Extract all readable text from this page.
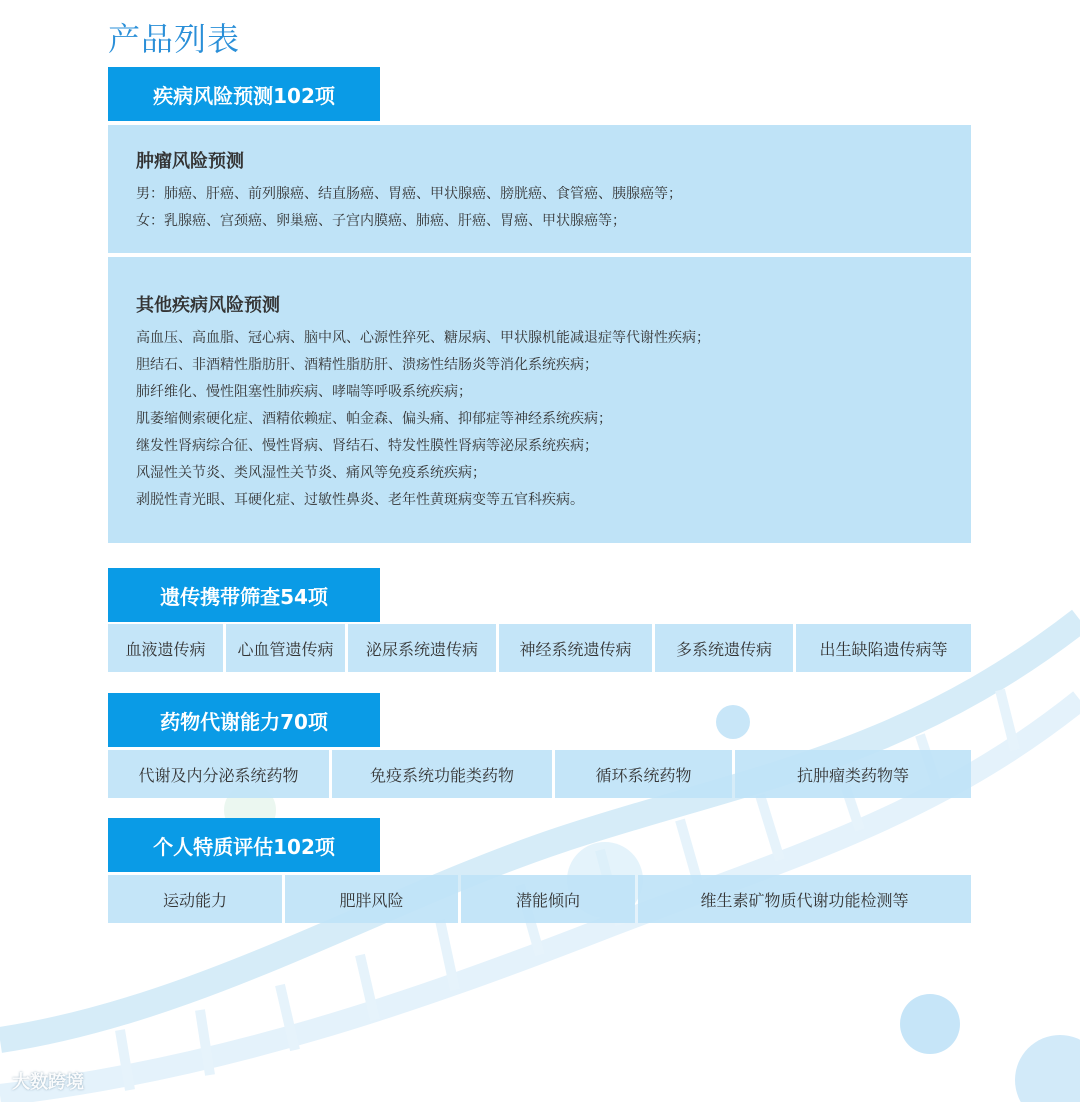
产品列表
疾病风险预测102项
肿瘤风险预测
男：肺癌、肝癌、前列腺癌、结直肠癌、胃癌、甲状腺癌、膀胱癌、食管癌、胰腺癌等；
女：乳腺癌、宫颈癌、卵巢癌、子宫内膜癌、肺癌、肝癌、胃癌、甲状腺癌等；
其他疾病风险预测
高血压、高血脂、冠心病、脑中风、心源性猝死、糖尿病、甲状腺机能减退症等代谢性疾病；
胆结石、非酒精性脂肪肝、酒精性脂肪肝、溃疡性结肠炎等消化系统疾病；
肺纤维化、慢性阻塞性肺疾病、哮喘等呼吸系统疾病；
肌萎缩侧索硬化症、酒精依赖症、帕金森、偏头痛、抑郁症等神经系统疾病；
继发性肾病综合征、慢性肾病、肾结石、特发性膜性肾病等泌尿系统疾病；
风湿性关节炎、类风湿性关节炎、痛风等免疫系统疾病；
剥脱性青光眼、耳硬化症、过敏性鼻炎、老年性黄斑病变等五官科疾病。
遗传携带筛查54项
血液遗传病	心血管遗传病	泌尿系统遗传病	神经系统遗传病	多系统遗传病	出生缺陷遗传病等
药物代谢能力70项
代谢及内分泌系统药物	免疫系统功能类药物	循环系统药物	抗肿瘤类药物等
个人特质评估102项
运动能力	肥胖风险	潜能倾向	维生素矿物质代谢功能检测等
大数跨境
